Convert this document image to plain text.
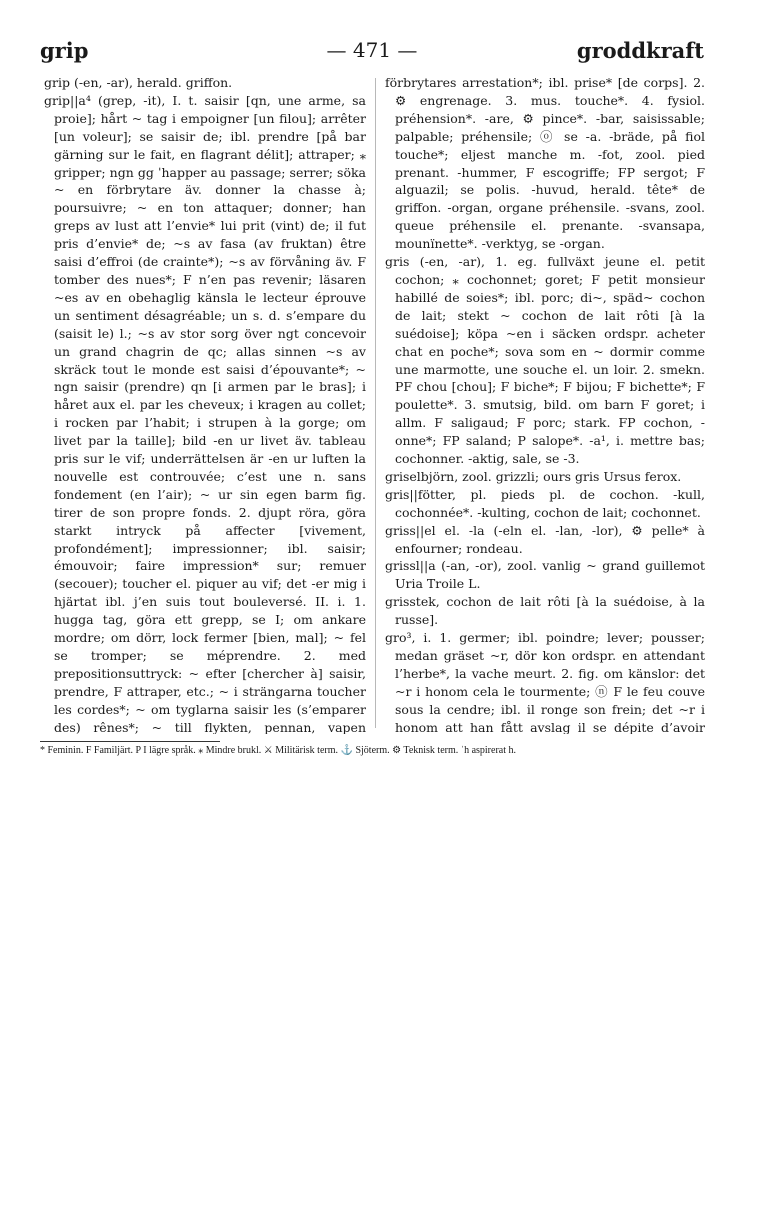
grip	— 471 —	groddkraft

grip (-en, -ar), herald. griffon.

grip||a⁴ (grep, -it), I. t. saisir [qn, une arme, sa proie]; hårt ~ tag i empoigner [un filou]; arrêter [un voleur]; se saisir de; ibl. prendre [på bar gärning sur le fait, en flagrant délit]; attraper; ⁎ gripper; ngn gg ˈhapper au passage; serrer; söka ~ en förbrytare äv. donner la chasse à; poursuivre; ~ en ton attaquer; donner; han greps av lust att l’envie* lui prit (vint) de; il fut pris d’envie* de; ~s av fasa (av fruktan) être saisi d’effroi (de crainte*); ~s av förvåning äv. F tomber des nues*; F n’en pas revenir; läsaren ~es av en obehaglig känsla le lecteur éprouve un sentiment désagréable; un s. d. s’empare du (saisit le) l.; ~s av stor sorg över ngt concevoir un grand chagrin de qc; allas sinnen ~s av skräck tout le monde est saisi d’épouvante*; ~ ngn saisir (prendre) qn [i armen par le bras]; i håret aux el. par les cheveux; i kragen au collet; i rocken par l’habit; i strupen à la gorge; om livet par la taille]; bild -en ur livet äv. tableau pris sur le vif; underrättelsen är -en ur luften la nouvelle est controuvée; c’est une n. sans fondement (en l’air); ~ ur sin egen barm fig. tirer de son propre fonds. 2. djupt röra, göra starkt intryck på affecter [vivement, profondément]; impressionner; ibl. saisir; émouvoir; faire impression* sur; remuer (secouer); toucher el. piquer au vif; det -er mig i hjärtat ibl. j’en suis tout bouleversé. II. i. 1. hugga tag, göra ett grepp, se I; om ankare mordre; om dörr, lock fermer [bien, mal]; ~ fel se tromper; se méprendre. 2. med prepositionsuttryck: ~ efter [chercher à] saisir, prendre, F attraper, etc.; ~ i strängarna toucher les cordes*; ~ om tyglarna saisir les (s’emparer des) rênes*; ~ till flykten, pennan, vapen

förbrytares arrestation*; ibl. prise* [de corps]. 2. ⚙ engrenage. 3. mus. touche*. 4. fysiol. préhension*. -are, ⚙ pince*. -bar, saisissable; palpable; préhensile; ⓞ se -a. -bräde, på fiol touche*; eljest manche m. -fot, zool. pied prenant. -hummer, F escogriffe; FP sergot; F alguazil; se polis. -huvud, herald. tête* de griffon. -organ, organe préhensile. -svans, zool. queue préhensile el. prenante. -svansapa, mounïnette*. -verktyg, se -organ.

gris (-en, -ar), 1. eg. fullväxt jeune el. petit cochon; ⁎ cochonnet; goret; F petit monsieur habillé de soies*; ibl. porc; di~, späd~ cochon de lait; stekt ~ cochon de lait rôti [à la suédoise]; köpa ~en i säcken ordspr. acheter chat en poche*; sova som en ~ dormir comme une marmotte, une souche el. un loir. 2. smekn. PF chou [chou]; F biche*; F bijou; F bichette*; F poulette*. 3. smutsig, bild. om barn F goret; i allm. F saligaud; F porc; stark. FP cochon, -onne*; FP saland; P salope*. -a¹, i. mettre bas; cochonner. -aktig, sale, se -3.

griselbjörn, zool. grizzli; ours gris Ursus ferox.

gris||fötter, pl. pieds pl. de cochon. -kull, cochonnée*. -kulting, cochon de lait; cochonnet.

griss||el el. -la (-eln el. -lan, -lor), ⚙ pelle* à enfourner; rondeau.

grissl||a (-an, -or), zool. vanlig ~ grand guillemot Uria Troile L.

grisstek, cochon de lait rôti [à la suédoise, à la russe].

gro³, i. 1. germer; ibl. poindre; lever; pousser; medan gräset ~r, dör kon ordspr. en attendant l’herbe*, la vache meurt. 2. fig. om känslor: det ~r i honom cela le tourmente; ⓝ F le feu couve sous la cendre; ibl. il ronge son frein; det ~r i honom att han fått avslag il se dépite d’avoir

* Feminin. F Familjärt. P I lägre språk. ⁎ Mindre brukl. ⚔ Militärisk term. ⚓ Sjöterm. ⚙ Teknisk term. ˈh aspirerat h.
